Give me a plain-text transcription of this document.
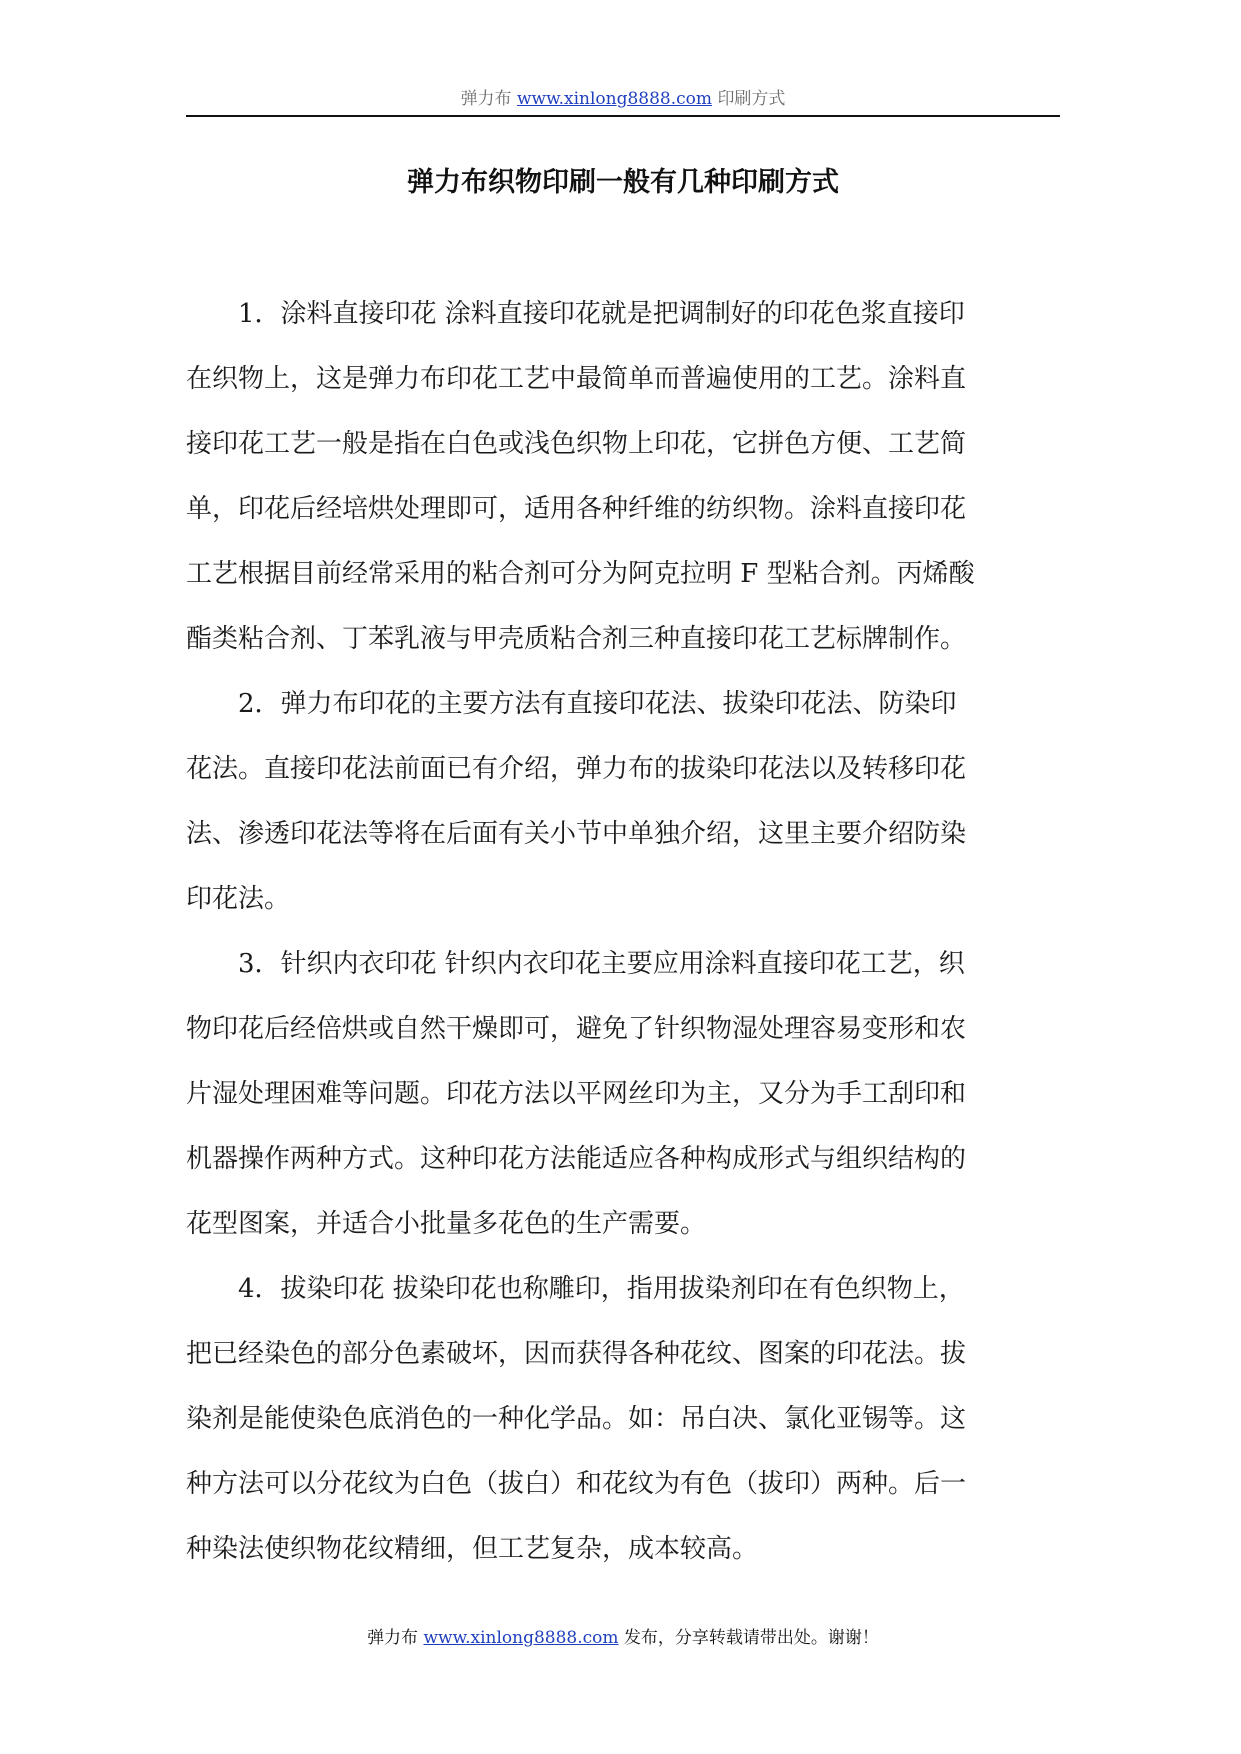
弹力布 www.xinlong8888.com 印刷方式
弹力布织物印刷一般有几种印刷方式
1．涂料直接印花 涂料直接印花就是把调制好的印花色浆直接印
在织物上，这是弹力布印花工艺中最简单而普遍使用的工艺。涂料直
接印花工艺一般是指在白色或浅色织物上印花，它拼色方便、工艺简
单，印花后经培烘处理即可，适用各种纤维的纺织物。涂料直接印花
工艺根据目前经常采用的粘合剂可分为阿克拉明 F 型粘合剂。丙烯酸
酯类粘合剂、丁苯乳液与甲壳质粘合剂三种直接印花工艺标牌制作。
2．弹力布印花的主要方法有直接印花法、拔染印花法、防染印
花法。直接印花法前面已有介绍，弹力布的拔染印花法以及转移印花
法、渗透印花法等将在后面有关小节中单独介绍，这里主要介绍防染
印花法。
3．针织内衣印花 针织内衣印花主要应用涂料直接印花工艺，织
物印花后经倍烘或自然干燥即可，避免了针织物湿处理容易变形和农
片湿处理困难等问题。印花方法以平网丝印为主，又分为手工刮印和
机器操作两种方式。这种印花方法能适应各种构成形式与组织结构的
花型图案，并适合小批量多花色的生产需要。
4．拔染印花 拔染印花也称雕印，指用拔染剂印在有色织物上，
把已经染色的部分色素破坏，因而获得各种花纹、图案的印花法。拔
染剂是能使染色底消色的一种化学品。如：吊白决、氯化亚锡等。这
种方法可以分花纹为白色（拔白）和花纹为有色（拔印）两种。后一
种染法使织物花纹精细，但工艺复杂，成本较高。
弹力布 www.xinlong8888.com 发布，分享转载请带出处。谢谢！
